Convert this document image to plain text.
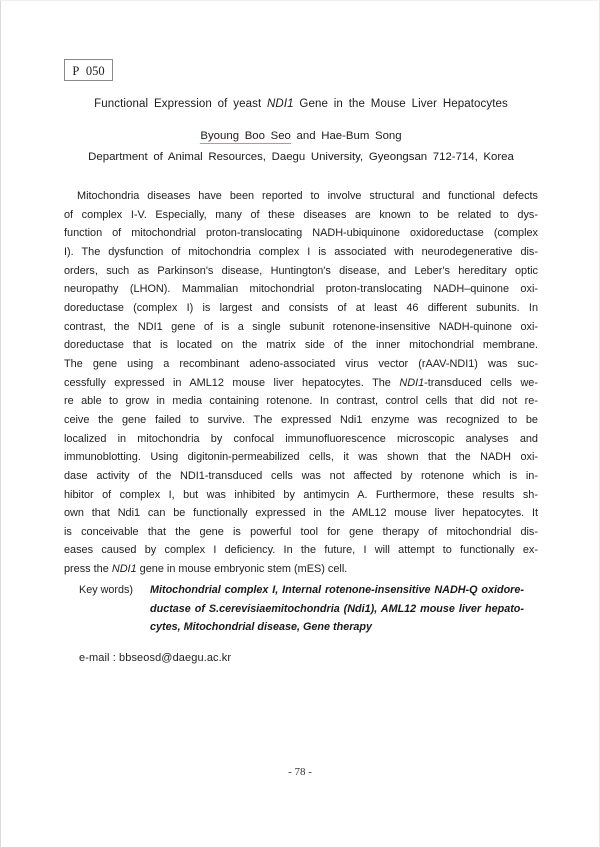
P 050
Functional Expression of yeast NDI1 Gene in the Mouse Liver Hepatocytes
Byoung Boo Seo and Hae-Bum Song
Department of Animal Resources, Daegu University, Gyeongsan 712-714, Korea
Mitochondria diseases have been reported to involve structural and functional defects
of complex I-V. Especially, many of these diseases are known to be related to dys-
function of mitochondrial proton-translocating NADH-ubiquinone oxidoreductase (complex
I). The dysfunction of mitochondria complex I is associated with neurodegenerative dis-
orders, such as Parkinson's disease, Huntington's disease, and Leber's hereditary optic
neuropathy (LHON). Mammalian mitochondrial proton-translocating NADH–quinone oxi-
doreductase (complex I) is largest and consists of at least 46 different subunits. In
contrast, the NDI1 gene of is a single subunit rotenone-insensitive NADH-quinone oxi-
doreductase that is located on the matrix side of the inner mitochondrial membrane.
The gene using a recombinant adeno-associated virus vector (rAAV-NDI1) was suc-
cessfully expressed in AML12 mouse liver hepatocytes. The NDI1-transduced cells we-
re able to grow in media containing rotenone. In contrast, control cells that did not re-
ceive the gene failed to survive. The expressed Ndi1 enzyme was recognized to be
localized in mitochondria by confocal immunofluorescence microscopic analyses and
immunoblotting. Using digitonin-permeabilized cells, it was shown that the NADH oxi-
dase activity of the NDI1-transduced cells was not affected by rotenone which is in-
hibitor of complex I, but was inhibited by antimycin A. Furthermore, these results sh-
own that Ndi1 can be functionally expressed in the AML12 mouse liver hepatocytes. It
is conceivable that the gene is powerful tool for gene therapy of mitochondrial dis-
eases caused by complex I deficiency. In the future, I will attempt to functionally ex-
press the NDI1 gene in mouse embryonic stem (mES) cell.
Key words)	Mitochondrial complex I, Internal rotenone-insensitive NADH-Q oxidore-
ductase of S.cerevisiaemitochondria (Ndi1), AML12 mouse liver hepato-
cytes, Mitochondrial disease, Gene therapy
e-mail : bbseosd@daegu.ac.kr
- 78 -
